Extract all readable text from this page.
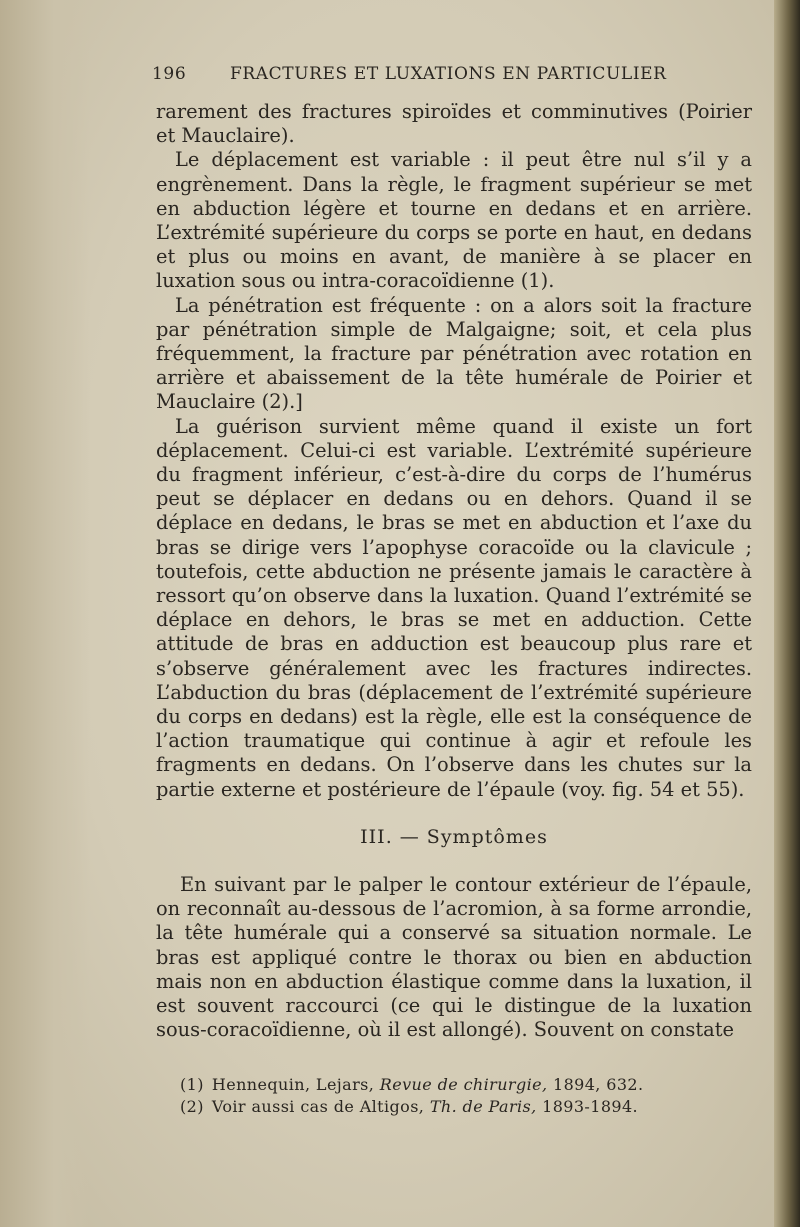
196	FRACTURES ET LUXATIONS EN PARTICULIER

rarement des fractures spiroïdes et comminutives (Poirier et Mauclaire).

Le déplacement est variable : il peut être nul s’il y a engrènement. Dans la règle, le fragment supérieur se met en abduction légère et tourne en dedans et en arrière. L’extrémité supérieure du corps se porte en haut, en dedans et plus ou moins en avant, de manière à se placer en luxation sous ou intra-coracoïdienne (1).

La pénétration est fréquente : on a alors soit la fracture par pénétration simple de Malgaigne; soit, et cela plus fréquemment, la fracture par pénétration avec rotation en arrière et abaissement de la tête humérale de Poirier et Mauclaire (2).]

La guérison survient même quand il existe un fort déplacement. Celui-ci est variable. L’extrémité supérieure du fragment inférieur, c’est-à-dire du corps de l’humérus peut se déplacer en dedans ou en dehors. Quand il se déplace en dedans, le bras se met en abduction et l’axe du bras se dirige vers l’apophyse coracoïde ou la clavicule ; toutefois, cette abduction ne présente jamais le caractère à ressort qu’on observe dans la luxation. Quand l’extrémité se déplace en dehors, le bras se met en adduction. Cette attitude de bras en adduction est beaucoup plus rare et s’observe généralement avec les fractures indirectes. L’abduction du bras (déplacement de l’extrémité supérieure du corps en dedans) est la règle, elle est la conséquence de l’action traumatique qui continue à agir et refoule les fragments en dedans. On l’observe dans les chutes sur la partie externe et postérieure de l’épaule (voy. fig. 54 et 55).

III. — Symptômes

En suivant par le palper le contour extérieur de l’épaule, on reconnaît au-dessous de l’acromion, à sa forme arrondie, la tête humérale qui a conservé sa situation normale. Le bras est appliqué contre le thorax ou bien en abduction mais non en abduction élastique comme dans la luxation, il est souvent raccourci (ce qui le distingue de la luxation sous-coracoïdienne, où il est allongé). Souvent on constate

(1) Hennequin, Lejars, Revue de chirurgie, 1894, 632.

(2) Voir aussi cas de Altigos, Th. de Paris, 1893-1894.
